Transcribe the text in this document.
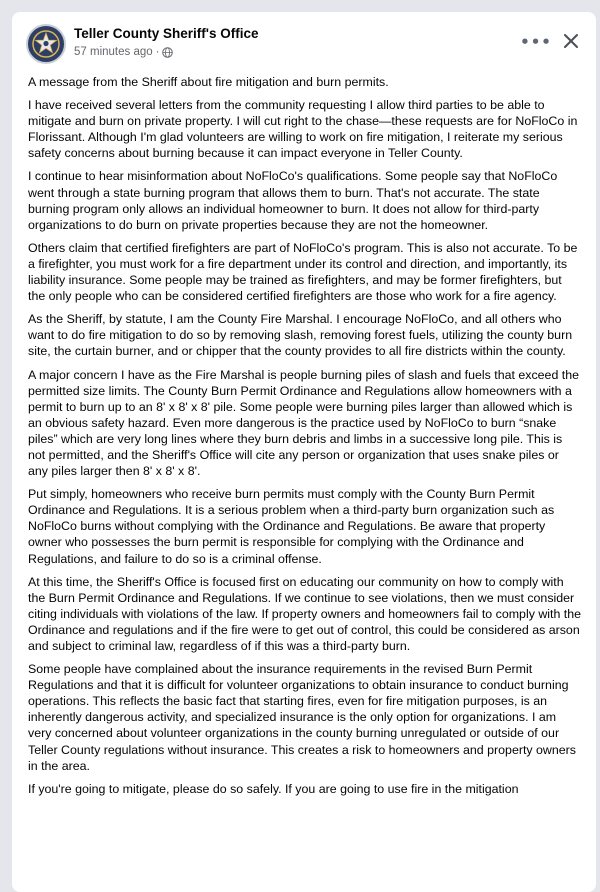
Teller County Sheriff's Office
57 minutes ago ·
•••

A message from the Sheriff about fire mitigation and burn permits.

I have received several letters from the community requesting I allow third parties to be able to mitigate and burn on private property. I will cut right to the chase—these requests are for NoFloCo in Florissant. Although I'm glad volunteers are willing to work on fire mitigation, I reiterate my serious safety concerns about burning because it can impact everyone in Teller County.

I continue to hear misinformation about NoFloCo's qualifications. Some people say that NoFloCo went through a state burning program that allows them to burn. That's not accurate. The state burning program only allows an individual homeowner to burn. It does not allow for third-party organizations to do burn on private properties because they are not the homeowner.

Others claim that certified firefighters are part of NoFloCo's program. This is also not accurate. To be a firefighter, you must work for a fire department under its control and direction, and importantly, its liability insurance. Some people may be trained as firefighters, and may be former firefighters, but the only people who can be considered certified firefighters are those who work for a fire agency.

As the Sheriff, by statute, I am the County Fire Marshal. I encourage NoFloCo, and all others who want to do fire mitigation to do so by removing slash, removing forest fuels, utilizing the county burn site, the curtain burner, and or chipper that the county provides to all fire districts within the county.

A major concern I have as the Fire Marshal is people burning piles of slash and fuels that exceed the permitted size limits. The County Burn Permit Ordinance and Regulations allow homeowners with a permit to burn up to an 8' x 8' x 8' pile. Some people were burning piles larger than allowed which is an obvious safety hazard. Even more dangerous is the practice used by NoFloCo to burn “snake piles” which are very long lines where they burn debris and limbs in a successive long pile. This is not permitted, and the Sheriff's Office will cite any person or organization that uses snake piles or any piles larger then 8' x 8' x 8'.

Put simply, homeowners who receive burn permits must comply with the County Burn Permit Ordinance and Regulations. It is a serious problem when a third-party burn organization such as NoFloCo burns without complying with the Ordinance and Regulations. Be aware that property owner who possesses the burn permit is responsible for complying with the Ordinance and Regulations, and failure to do so is a criminal offense.

At this time, the Sheriff's Office is focused first on educating our community on how to comply with the Burn Permit Ordinance and Regulations. If we continue to see violations, then we must consider citing individuals with violations of the law. If property owners and homeowners fail to comply with the Ordinance and regulations and if the fire were to get out of control, this could be considered as arson and subject to criminal law, regardless of if this was a third-party burn.

Some people have complained about the insurance requirements in the revised Burn Permit Regulations and that it is difficult for volunteer organizations to obtain insurance to conduct burning operations. This reflects the basic fact that starting fires, even for fire mitigation purposes, is an inherently dangerous activity, and specialized insurance is the only option for organizations. I am very concerned about volunteer organizations in the county burning unregulated or outside of our Teller County regulations without insurance. This creates a risk to homeowners and property owners in the area.

If you're going to mitigate, please do so safely. If you are going to use fire in the mitigation
